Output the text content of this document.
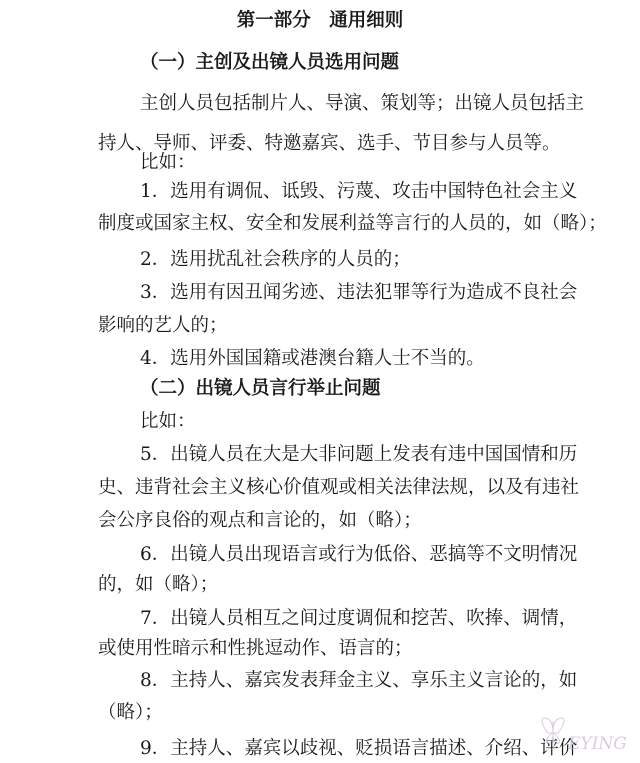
第一部分　通用细则

（一）主创及出镜人员选用问题

主创人员包括制片人、导演、策划等；出镜人员包括主

持人、导师、评委、特邀嘉宾、选手、节目参与人员等。

比如：

1．选用有调侃、诋毁、污蔑、攻击中国特色社会主义

制度或国家主权、安全和发展利益等言行的人员的，如（略）；

2．选用扰乱社会秩序的人员的；

3．选用有因丑闻劣迹、违法犯罪等行为造成不良社会

影响的艺人的；

4．选用外国国籍或港澳台籍人士不当的。

（二）出镜人员言行举止问题

比如：

5．出镜人员在大是大非问题上发表有违中国国情和历

史、违背社会主义核心价值观或相关法律法规，以及有违社

会公序良俗的观点和言论的，如（略）；

6．出镜人员出现语言或行为低俗、恶搞等不文明情况

的，如（略）；

7．出镜人员相互之间过度调侃和挖苦、吹捧、调情，

或使用性暗示和性挑逗动作、语言的；

8．主持人、嘉宾发表拜金主义、享乐主义言论的，如

（略）；

9．主持人、嘉宾以歧视、贬损语言描述、介绍、评价

EYING
